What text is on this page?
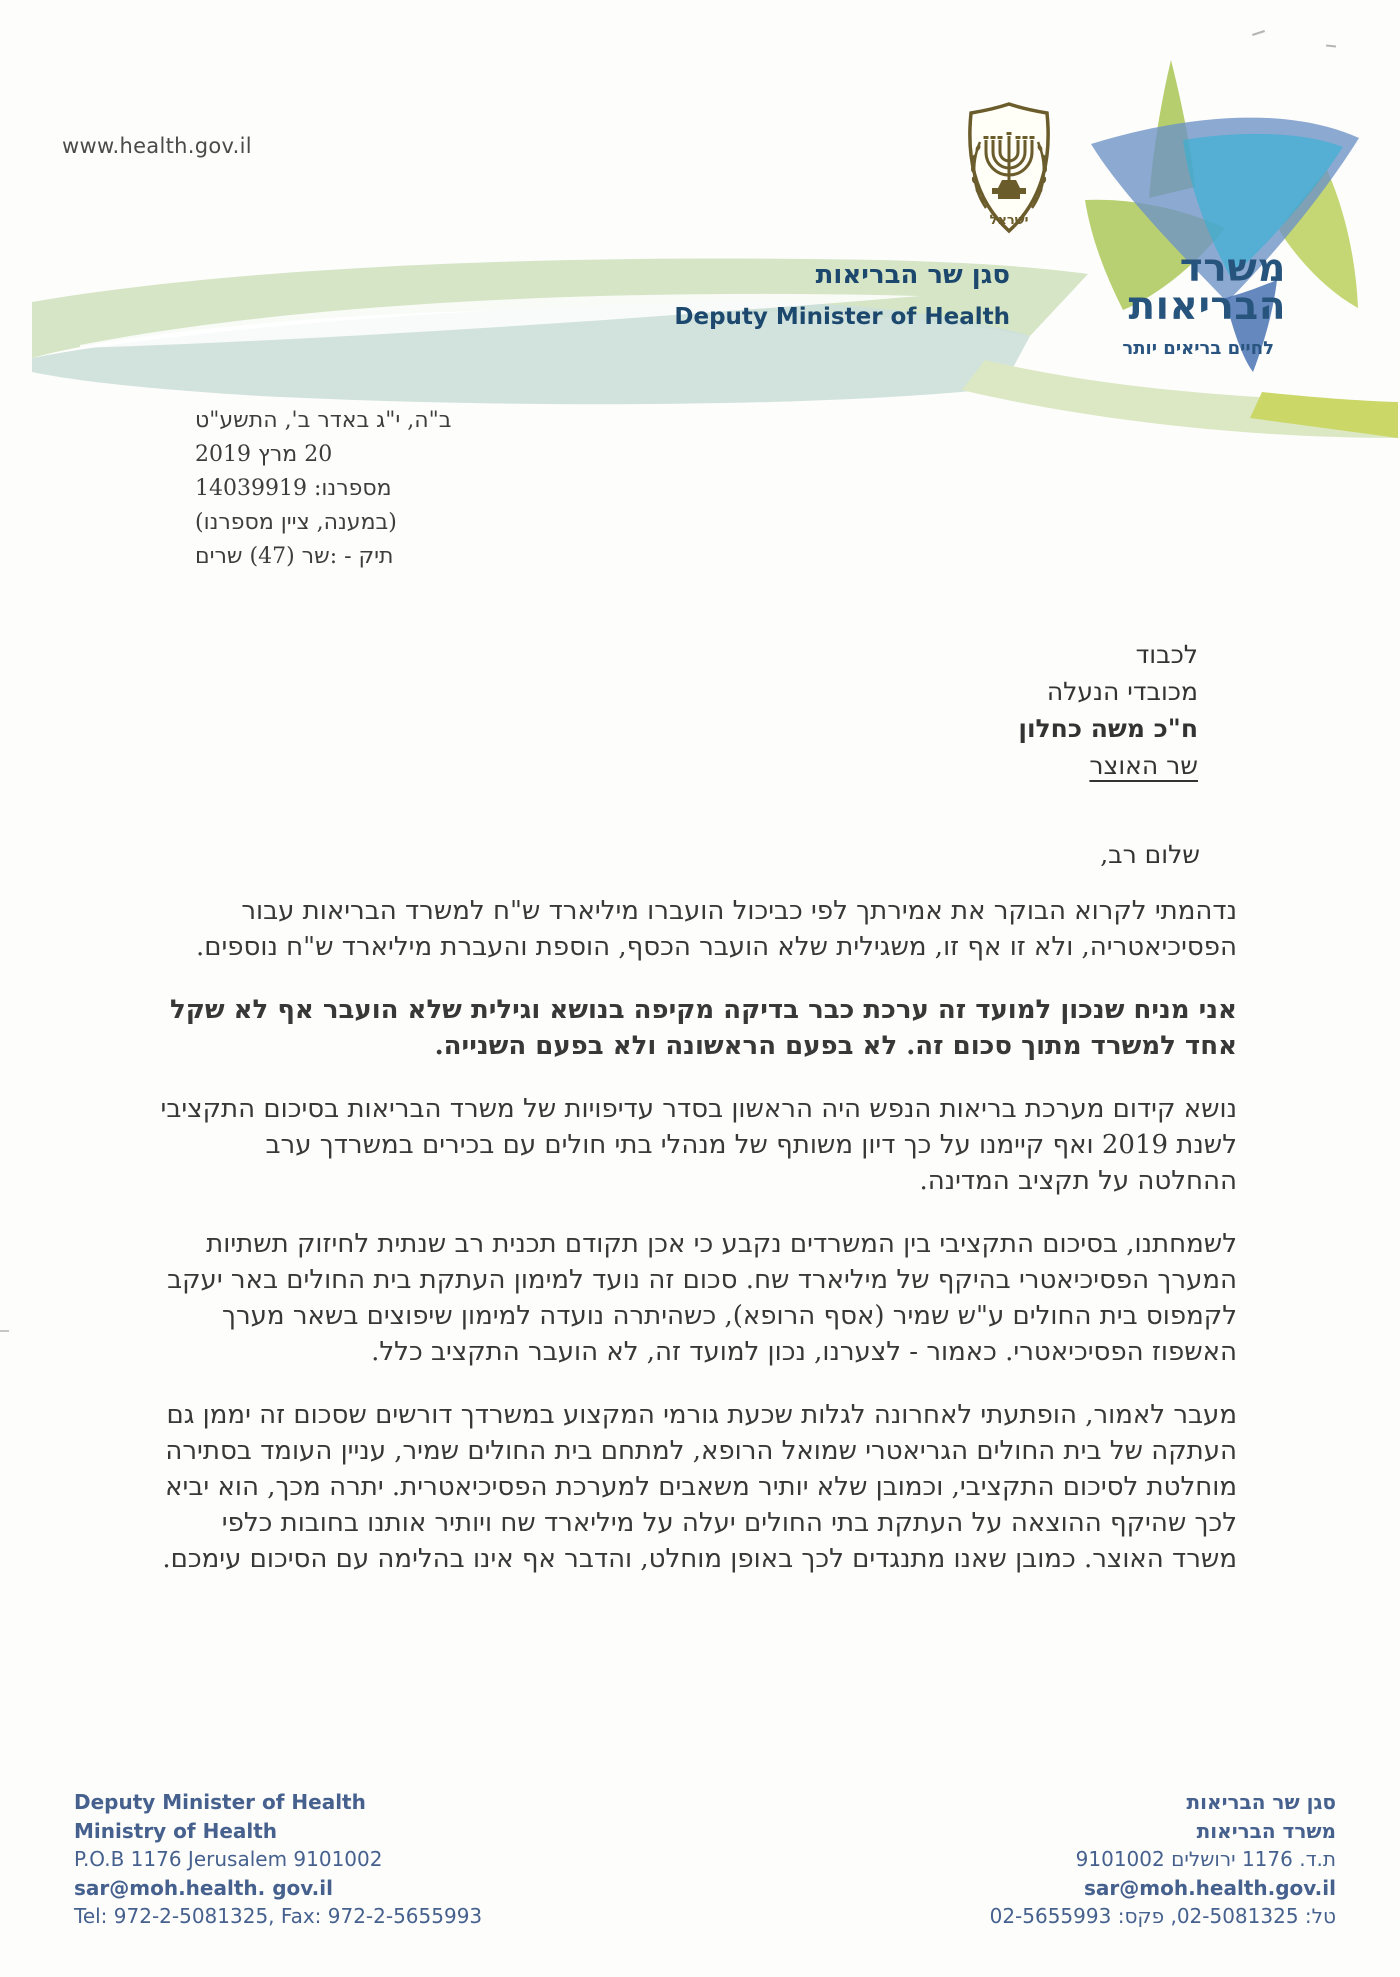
www.health.gov.il
ישראל
סגן שר הבריאות
Deputy Minister of Health
משרד
הבריאות
לחיים בריאים יותר
ב"ה, י"ג באדר ב', התשע"ט
20 מרץ 2019
מספרנו: 14039919
(במענה, ציין מספרנו)
תיק - :שר (47) שרים
לכבוד
מכובדי הנעלה
ח"כ משה כחלון
שר האוצר
שלום רב,

נדהמתי לקרוא הבוקר את אמירתך לפי כביכול הועברו מיליארד ש"ח למשרד הבריאות עבור הפסיכיאטריה, ולא זו אף זו, משגילית שלא הועבר הכסף, הוספת והעברת מיליארד ש"ח נוספים.

אני מניח שנכון למועד זה ערכת כבר בדיקה מקיפה בנושא וגילית שלא הועבר אף לא שקל אחד למשרד מתוך סכום זה. לא בפעם הראשונה ולא בפעם השנייה.

נושא קידום מערכת בריאות הנפש היה הראשון בסדר עדיפויות של משרד הבריאות בסיכום התקציבי לשנת 2019 ואף קיימנו על כך דיון משותף של מנהלי בתי חולים עם בכירים במשרדך ערב ההחלטה על תקציב המדינה.

לשמחתנו, בסיכום התקציבי בין המשרדים נקבע כי אכן תקודם תכנית רב שנתית לחיזוק תשתיות המערך הפסיכיאטרי בהיקף של מיליארד שח. סכום זה נועד למימון העתקת בית החולים באר יעקב לקמפוס בית החולים ע"ש שמיר (אסף הרופא), כשהיתרה נועדה למימון שיפוצים בשאר מערך האשפוז הפסיכיאטרי. כאמור - לצערנו, נכון למועד זה, לא הועבר התקציב כלל.

מעבר לאמור, הופתעתי לאחרונה לגלות שכעת גורמי המקצוע במשרדך דורשים שסכום זה יממן גם העתקה של בית החולים הגריאטרי שמואל הרופא, למתחם בית החולים שמיר, עניין העומד בסתירה מוחלטת לסיכום התקציבי, וכמובן שלא יותיר משאבים למערכת הפסיכיאטרית. יתרה מכך, הוא יביא לכך שהיקף ההוצאה על העתקת בתי החולים יעלה על מיליארד שח ויותיר אותנו בחובות כלפי משרד האוצר. כמובן שאנו מתנגדים לכך באופן מוחלט, והדבר אף אינו בהלימה עם הסיכום עימכם.

Deputy Minister of Health
Ministry of Health
P.O.B 1176 Jerusalem 9101002
sar@moh.health. gov.il
Tel: 972-2-5081325, Fax: 972-2-5655993
סגן שר הבריאות
משרד הבריאות
ת.ד. 1176 ירושלים 9101002
sar@moh.health.gov.il
טל: 02-5081325, פקס: 02-5655993
